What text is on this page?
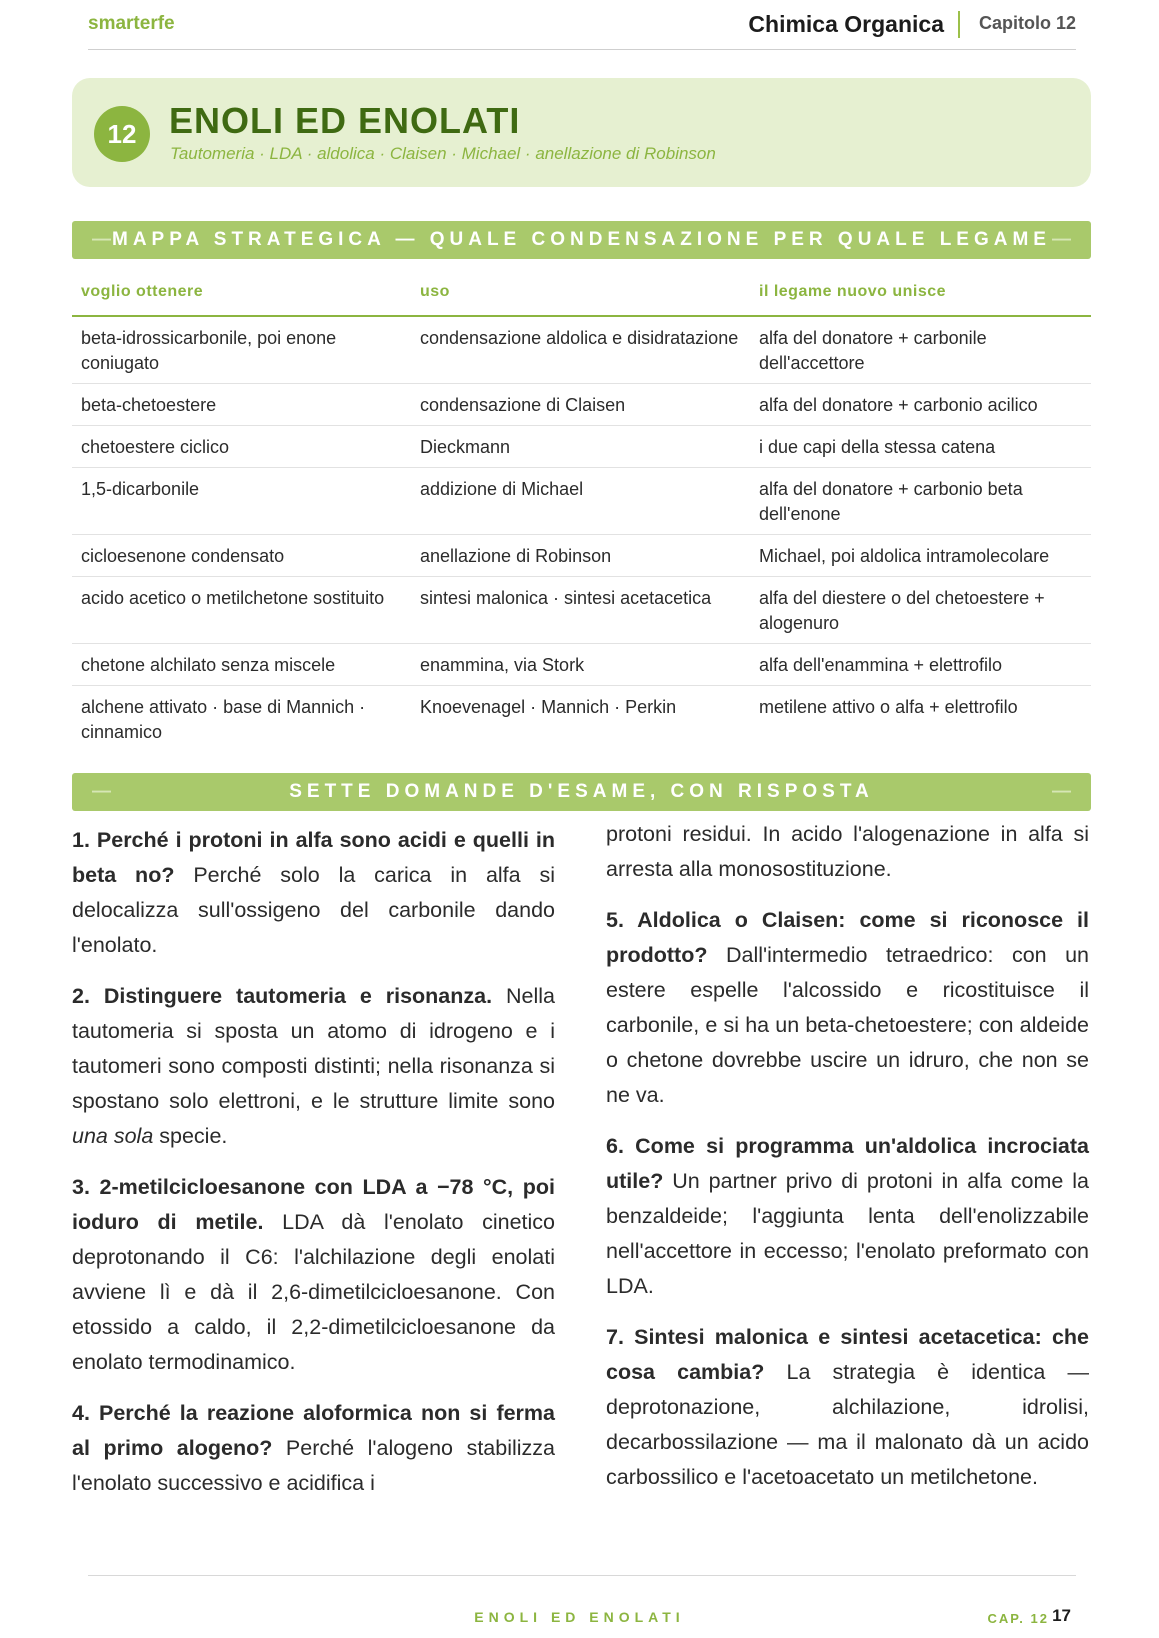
smarterfe	Chimica Organica Capitolo 12
12 ENOLI ED ENOLATI
Tautomeria · LDA · aldolica · Claisen · Michael · anellazione di Robinson
— MAPPA STRATEGICA — QUALE CONDENSAZIONE PER QUALE LEGAME —
voglio ottenere	uso	il legame nuovo unisce
beta-idrossicarbonile, poi enone coniugato	condensazione aldolica e disidratazione	alfa del donatore + carbonile dell'accettore
beta-chetoestere	condensazione di Claisen	alfa del donatore + carbonio acilico
chetoestere ciclico	Dieckmann	i due capi della stessa catena
1,5-dicarbonile	addizione di Michael	alfa del donatore + carbonio beta dell'enone
cicloesenone condensato	anellazione di Robinson	Michael, poi aldolica intramolecolare
acido acetico o metilchetone sostituito	sintesi malonica · sintesi acetacetica	alfa del diestere o del chetoestere + alogenuro
chetone alchilato senza miscele	enammina, via Stork	alfa dell'enammina + elettrofilo
alchene attivato · base di Mannich · cinnamico	Knoevenagel · Mannich · Perkin	metilene attivo o alfa + elettrofilo
—	SETTE DOMANDE D'ESAME, CON RISPOSTA	—

1. Perché i protoni in alfa sono acidi e quelli in beta no? Perché solo la carica in alfa si delocalizza sull'ossigeno del carbonile dando l'enolato.

2. Distinguere tautomeria e risonanza. Nella tautomeria si sposta un atomo di idrogeno e i tautomeri sono composti distinti; nella risonanza si spostano solo elettroni, e le strutture limite sono una sola specie.

3. 2-metilcicloesanone con LDA a −78 °C, poi ioduro di metile. LDA dà l'enolato cinetico deprotonando il C6: l'alchilazione degli enolati avviene lì e dà il 2,6-dimetilcicloesanone. Con etossido a caldo, il 2,2-dimetilcicloesanone da enolato termodinamico.

4. Perché la reazione aloformica non si ferma al primo alogeno? Perché l'alogeno stabilizza l'enolato successivo e acidifica i

protoni residui. In acido l'alogenazione in alfa si arresta alla monosostituzione.

5. Aldolica o Claisen: come si riconosce il prodotto? Dall'intermedio tetraedrico: con un estere espelle l'alcossido e ricostituisce il carbonile, e si ha un beta-chetoestere; con aldeide o chetone dovrebbe uscire un idruro, che non se ne va.

6. Come si programma un'aldolica incrociata utile? Un partner privo di protoni in alfa come la benzaldeide; l'aggiunta lenta dell'enolizzabile nell'accettore in eccesso; l'enolato preformato con LDA.

7. Sintesi malonica e sintesi acetacetica: che cosa cambia? La strategia è identica — deprotonazione, alchilazione, idrolisi, decarbossilazione — ma il malonato dà un acido carbossilico e l'acetoacetato un metilchetone.

ENOLI ED ENOLATI	CAP. 12 17
